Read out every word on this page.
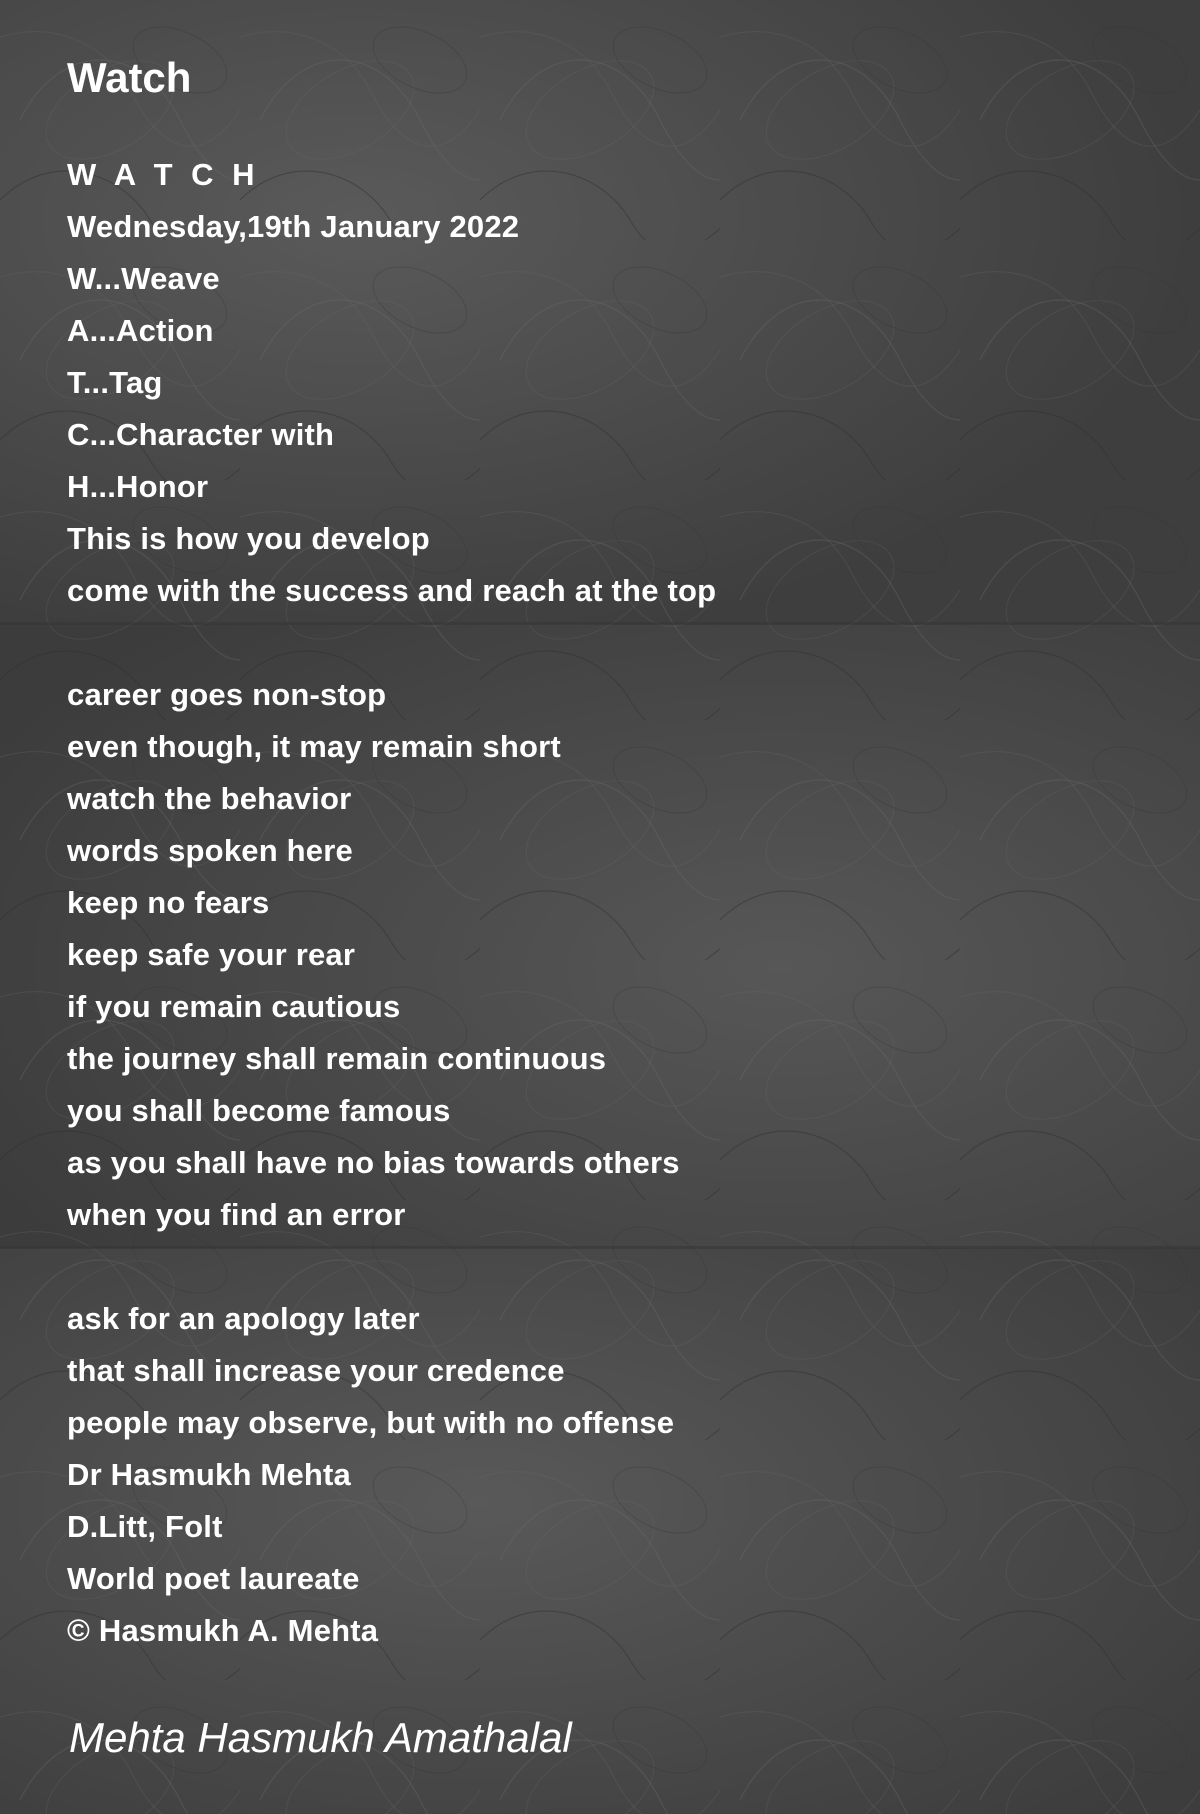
Watch
W A T C H
Wednesday,19th January 2022
W...Weave
A...Action
T...Tag
C...Character with
H...Honor
This is how you develop
come with the success and reach at the top
career goes non-stop
even though, it may remain short
watch the behavior
words spoken here
keep no fears
keep safe your rear
if you remain cautious
the journey shall remain continuous
you shall become famous
as you shall have no bias towards others
when you find an error
ask for an apology later
that shall increase your credence
people may observe, but with no offense
Dr Hasmukh Mehta
D.Litt, Folt
World poet laureate
© Hasmukh A. Mehta

Mehta Hasmukh Amathalal
